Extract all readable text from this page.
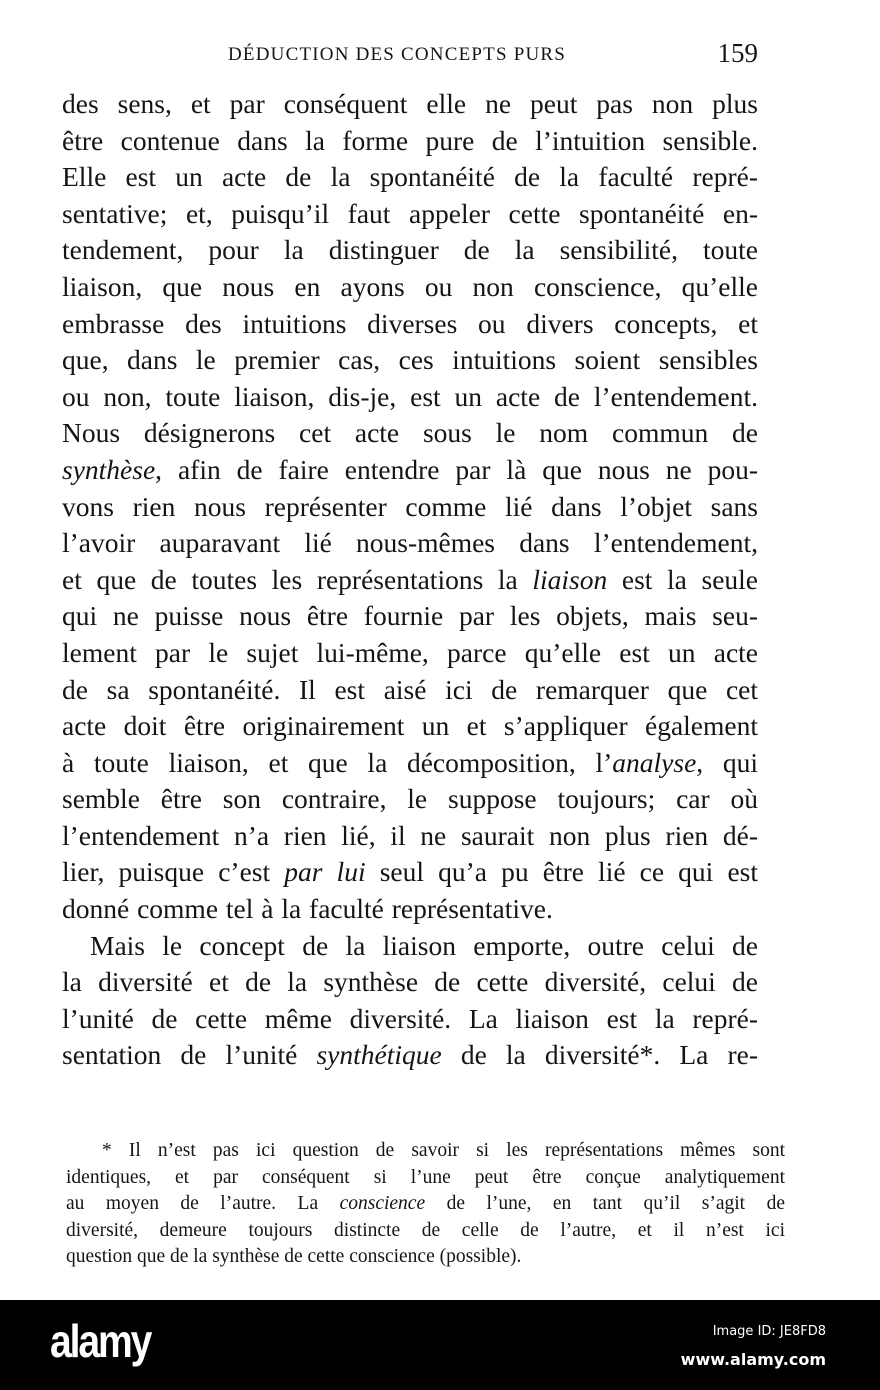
DÉDUCTION DES CONCEPTS PURS	159
des sens, et par conséquent elle ne peut pas non plus
être contenue dans la forme pure de l’intuition sensible.
Elle est un acte de la spontanéité de la faculté repré-
sentative; et, puisqu’il faut appeler cette spontanéité en-
tendement, pour la distinguer de la sensibilité, toute
liaison, que nous en ayons ou non conscience, qu’elle
embrasse des intuitions diverses ou divers concepts, et
que, dans le premier cas, ces intuitions soient sensibles
ou non, toute liaison, dis-je, est un acte de l’entendement.
Nous désignerons cet acte sous le nom commun de
synthèse, afin de faire entendre par là que nous ne pou-
vons rien nous représenter comme lié dans l’objet sans
l’avoir auparavant lié nous-mêmes dans l’entendement,
et que de toutes les représentations la liaison est la seule
qui ne puisse nous être fournie par les objets, mais seu-
lement par le sujet lui-même, parce qu’elle est un acte
de sa spontanéité. Il est aisé ici de remarquer que cet
acte doit être originairement un et s’appliquer également
à toute liaison, et que la décomposition, l’analyse, qui
semble être son contraire, le suppose toujours; car où
l’entendement n’a rien lié, il ne saurait non plus rien dé-
lier, puisque c’est par lui seul qu’a pu être lié ce qui est
donné comme tel à la faculté représentative.
Mais le concept de la liaison emporte, outre celui de
la diversité et de la synthèse de cette diversité, celui de
l’unité de cette même diversité. La liaison est la repré-
sentation de l’unité synthétique de la diversité*. La re-
* Il n’est pas ici question de savoir si les représentations mêmes sont
identiques, et par conséquent si l’une peut être conçue analytiquement
au moyen de l’autre. La conscience de l’une, en tant qu’il s’agit de
diversité, demeure toujours distincte de celle de l’autre, et il n’est ici
question que de la synthèse de cette conscience (possible).
alamy	Image ID: JE8FD8
www.alamy.com
